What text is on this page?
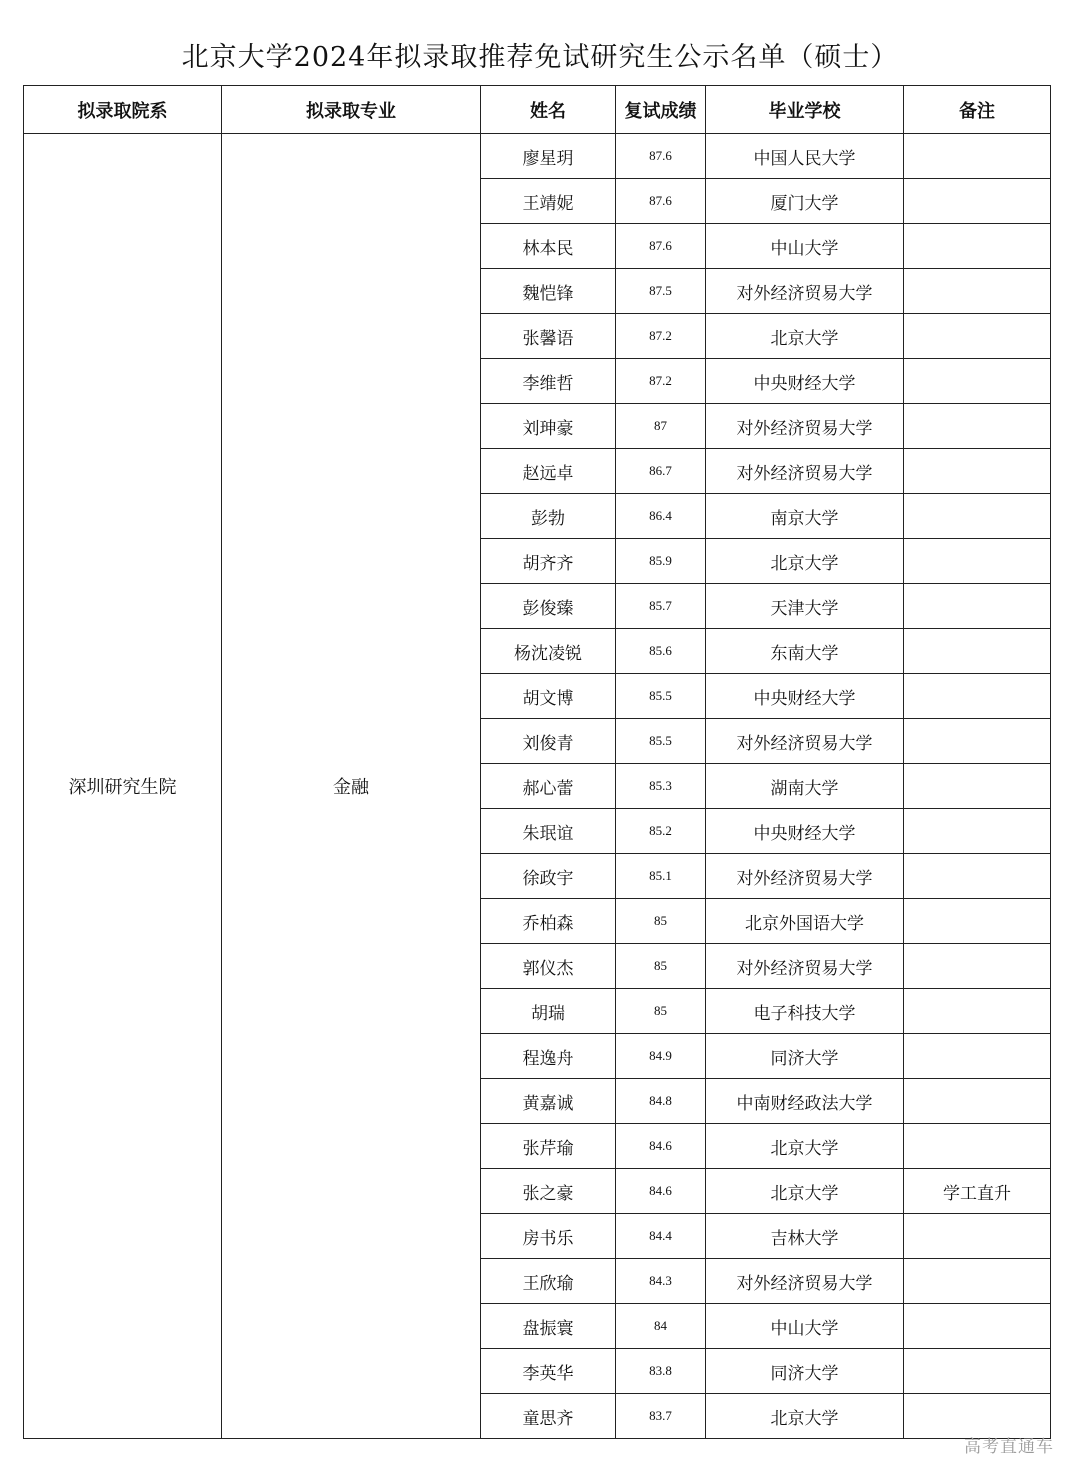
北京大学2024年拟录取推荐免试研究生公示名单（硕士）
拟录取院系	拟录取专业	姓名	复试成绩	毕业学校	备注
深圳研究生院	金融	廖星玥	87.6	中国人民大学	
		王靖妮	87.6	厦门大学	
		林本民	87.6	中山大学	
		魏恺锋	87.5	对外经济贸易大学	
		张馨语	87.2	北京大学	
		李维哲	87.2	中央财经大学	
		刘珅豪	87	对外经济贸易大学	
		赵远卓	86.7	对外经济贸易大学	
		彭勃	86.4	南京大学	
		胡齐齐	85.9	北京大学	
		彭俊臻	85.7	天津大学	
		杨沈凌锐	85.6	东南大学	
		胡文博	85.5	中央财经大学	
		刘俊青	85.5	对外经济贸易大学	
		郝心蕾	85.3	湖南大学	
		朱珉谊	85.2	中央财经大学	
		徐政宇	85.1	对外经济贸易大学	
		乔柏森	85	北京外国语大学	
		郭仪杰	85	对外经济贸易大学	
		胡瑞	85	电子科技大学	
		程逸舟	84.9	同济大学	
		黄嘉诚	84.8	中南财经政法大学	
		张芹瑜	84.6	北京大学	
		张之豪	84.6	北京大学	学工直升
		房书乐	84.4	吉林大学	
		王欣瑜	84.3	对外经济贸易大学	
		盘振寰	84	中山大学	
		李英华	83.8	同济大学	
		童思齐	83.7	北京大学	
高考直通车
